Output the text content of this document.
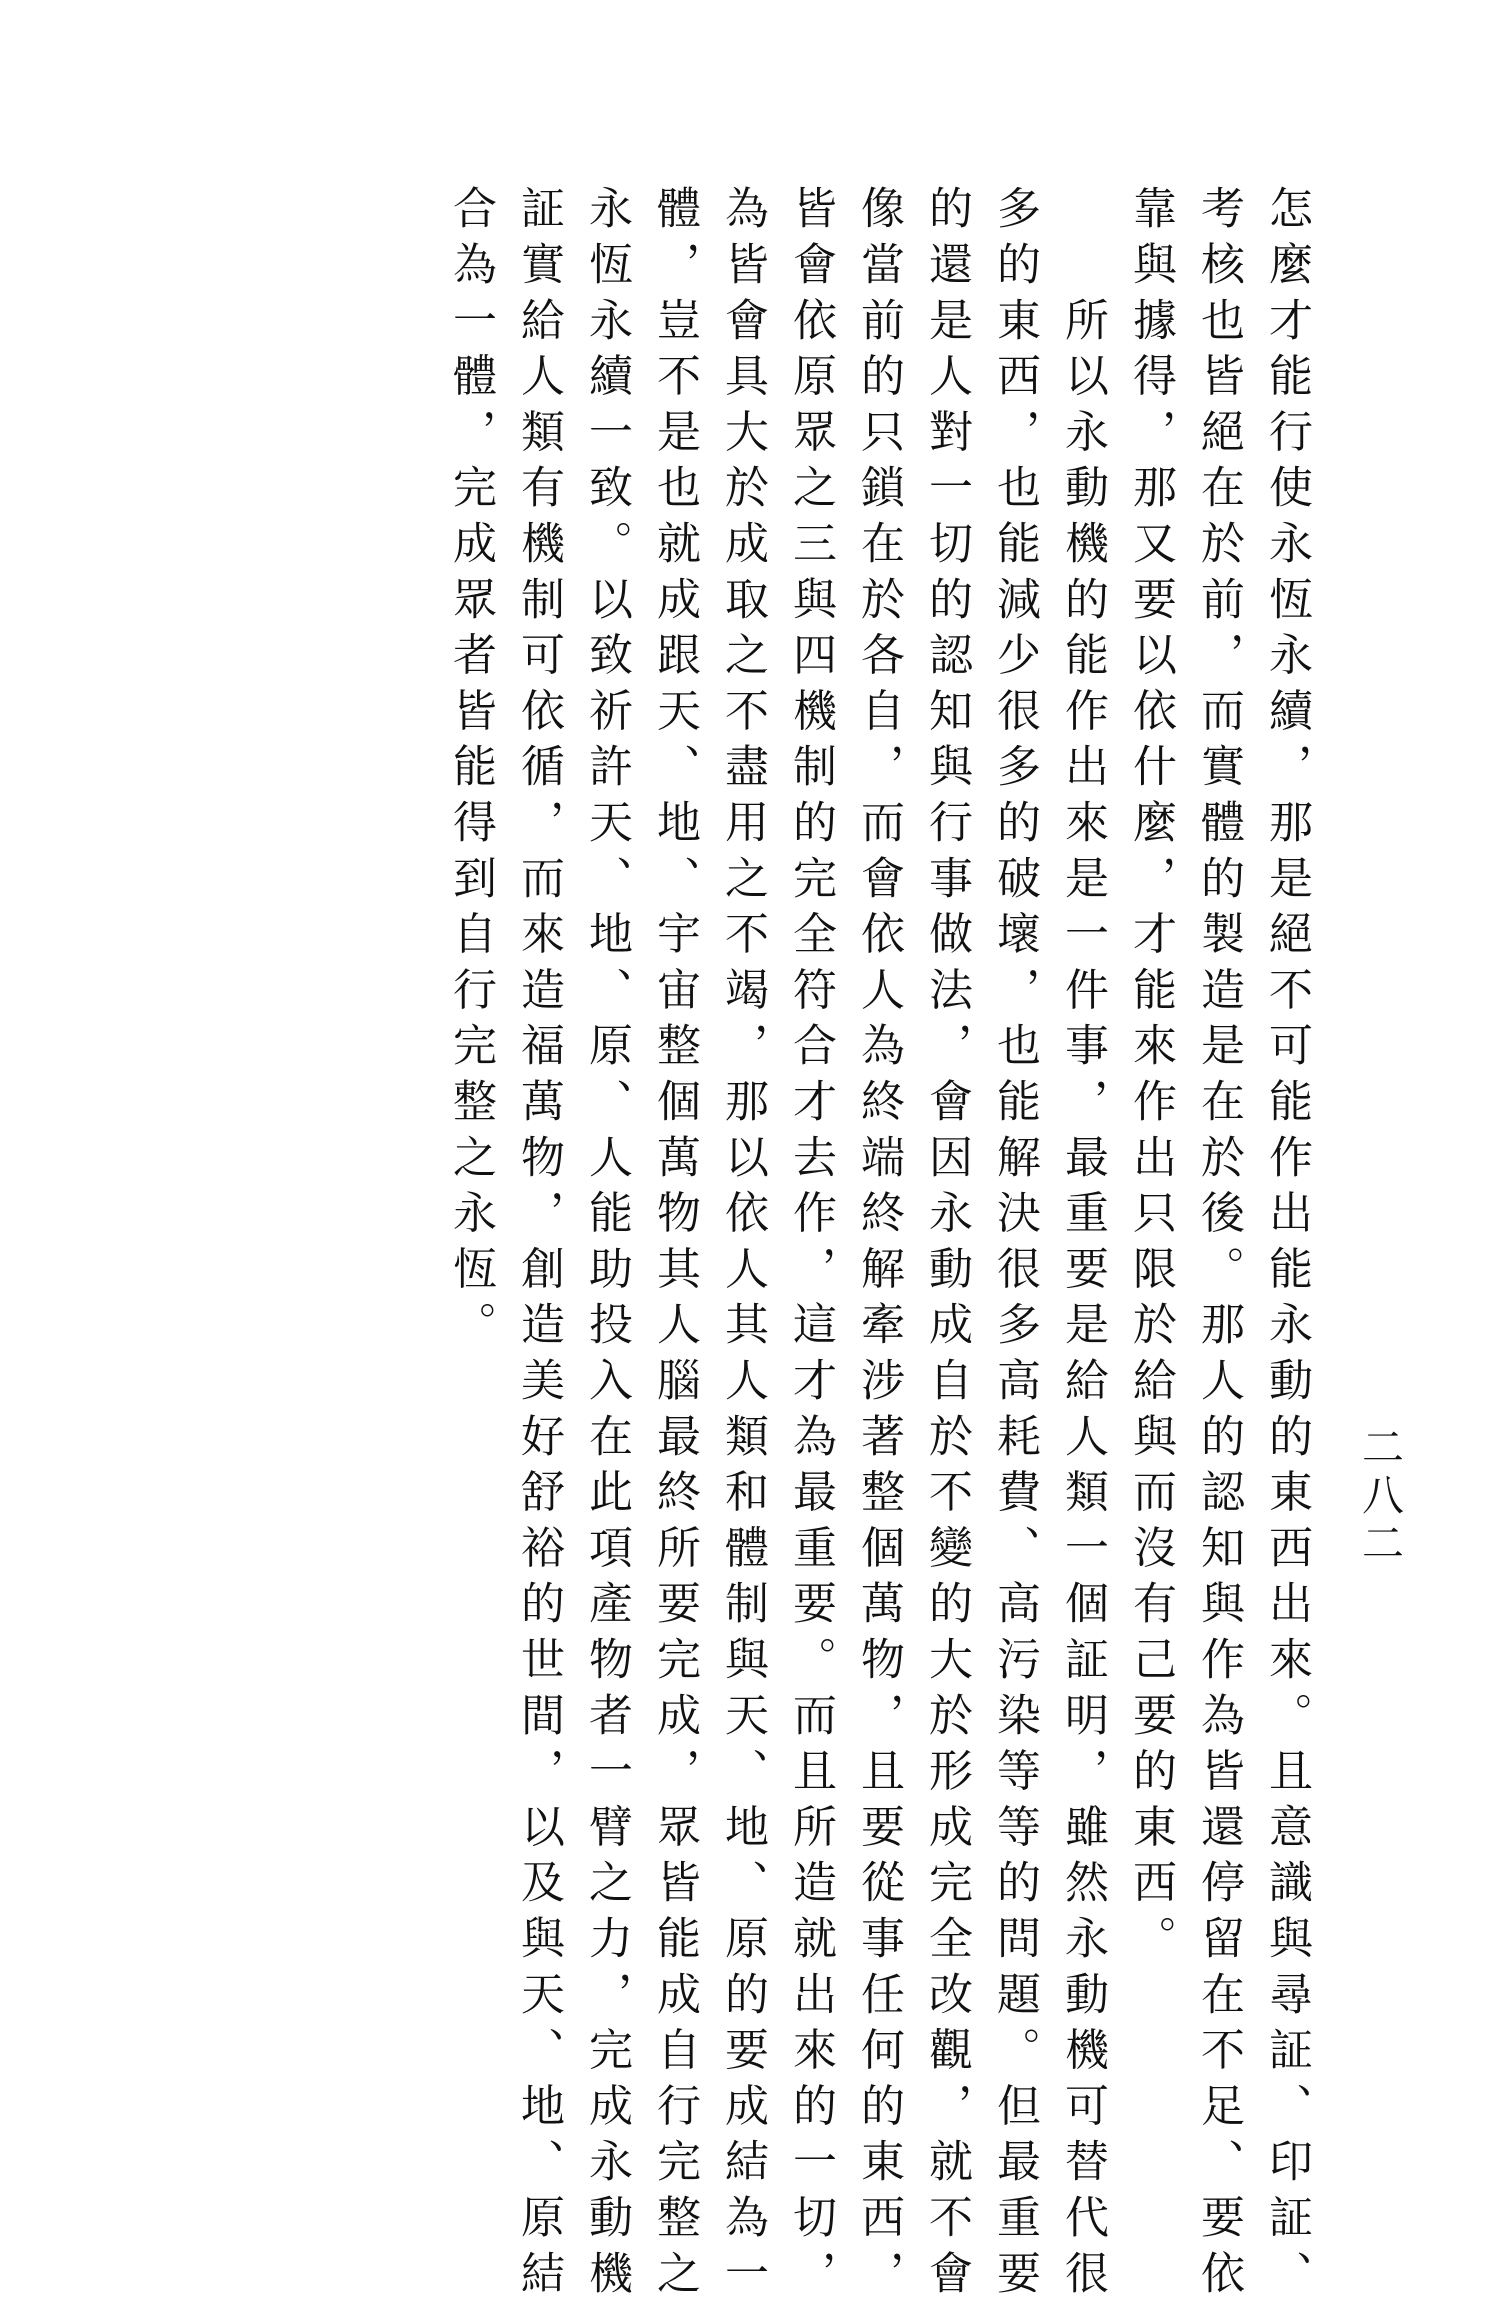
二八二

怎麼才能行使永恆永續，那是絕不可能作出能永動的東西出來。且意識與尋証、印証、

考核也皆絕在於前，而實體的製造是在於後。那人的認知與作為皆還停留在不足、要依

靠與據得，那又要以依什麼，才能來作出只限於給與而沒有己要的東西。

　　所以永動機的能作出來是一件事，最重要是給人類一個証明，雖然永動機可替代很

多的東西，也能減少很多的破壞，也能解決很多高耗費、高污染等等的問題。但最重要

的還是人對一切的認知與行事做法，會因永動成自於不變的大於形成完全改觀，就不會

像當前的只鎖在於各自，而會依人為終端終解牽涉著整個萬物，且要從事任何的東西，

皆會依原眾之三與四機制的完全符合才去作，這才為最重要。而且所造就出來的一切，

為皆會具大於成取之不盡用之不竭，那以依人其人類和體制與天、地、原的要成結為一

體，豈不是也就成跟天、地、宇宙整個萬物其人腦最終所要完成，眾皆能成自行完整之

永恆永續一致。以致祈許天、地、原、人能助投入在此項產物者一臂之力，完成永動機

証實給人類有機制可依循，而來造福萬物，創造美好舒裕的世間，以及與天、地、原結

合為一體，完成眾者皆能得到自行完整之永恆。
